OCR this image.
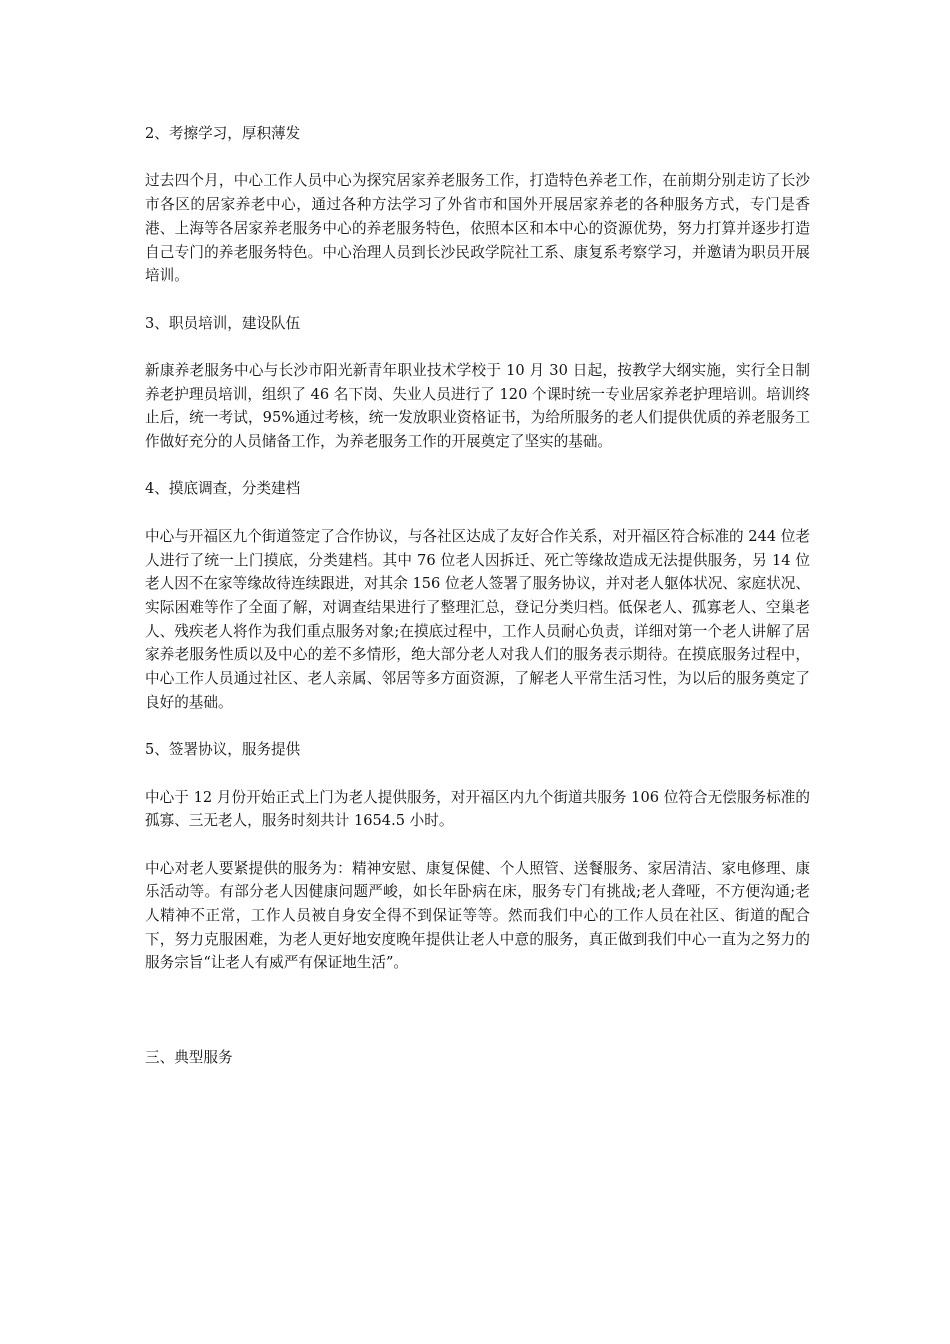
2、考擦学习，厚积薄发

过去四个月，中心工作人员中心为探究居家养老服务工作，打造特色养老工作，在前期分别走访了长沙市各区的居家养老中心，通过各种方法学习了外省市和国外开展居家养老的各种服务方式，专门是香港、上海等各居家养老服务中心的养老服务特色，依照本区和本中心的资源优势，努力打算并逐步打造自己专门的养老服务特色。中心治理人员到长沙民政学院社工系、康复系考察学习，并邀请为职员开展培训。

3、职员培训，建设队伍

新康养老服务中心与长沙市阳光新青年职业技术学校于 10 月 30 日起，按教学大纲实施，实行全日制养老护理员培训，组织了 46 名下岗、失业人员进行了 120 个课时统一专业居家养老护理培训。培训终止后，统一考试，95%通过考核，统一发放职业资格证书，为给所服务的老人们提供优质的养老服务工作做好充分的人员储备工作，为养老服务工作的开展奠定了坚实的基础。

4、摸底调查，分类建档

中心与开福区九个街道签定了合作协议，与各社区达成了友好合作关系，对开福区符合标准的 244 位老人进行了统一上门摸底，分类建档。其中 76 位老人因拆迁、死亡等缘故造成无法提供服务，另 14 位老人因不在家等缘故待连续跟进，对其余 156 位老人签署了服务协议，并对老人躯体状况、家庭状况、实际困难等作了全面了解，对调查结果进行了整理汇总，登记分类归档。低保老人、孤寡老人、空巢老人、残疾老人将作为我们重点服务对象;在摸底过程中，工作人员耐心负责，详细对第一个老人讲解了居家养老服务性质以及中心的差不多情形，绝大部分老人对我人们的服务表示期待。在摸底服务过程中，中心工作人员通过社区、老人亲属、邻居等多方面资源，了解老人平常生活习性，为以后的服务奠定了良好的基础。

5、签署协议，服务提供

中心于 12 月份开始正式上门为老人提供服务，对开福区内九个街道共服务 106 位符合无偿服务标准的孤寡、三无老人，服务时刻共计 1654.5 小时。

中心对老人要紧提供的服务为：精神安慰、康复保健、个人照管、送餐服务、家居清洁、家电修理、康乐活动等。有部分老人因健康问题严峻，如长年卧病在床，服务专门有挑战;老人聋哑，不方便沟通;老人精神不正常，工作人员被自身安全得不到保证等等。然而我们中心的工作人员在社区、街道的配合下，努力克服困难，为老人更好地安度晚年提供让老人中意的服务，真正做到我们中心一直为之努力的服务宗旨“让老人有威严有保证地生活”。

三、典型服务
